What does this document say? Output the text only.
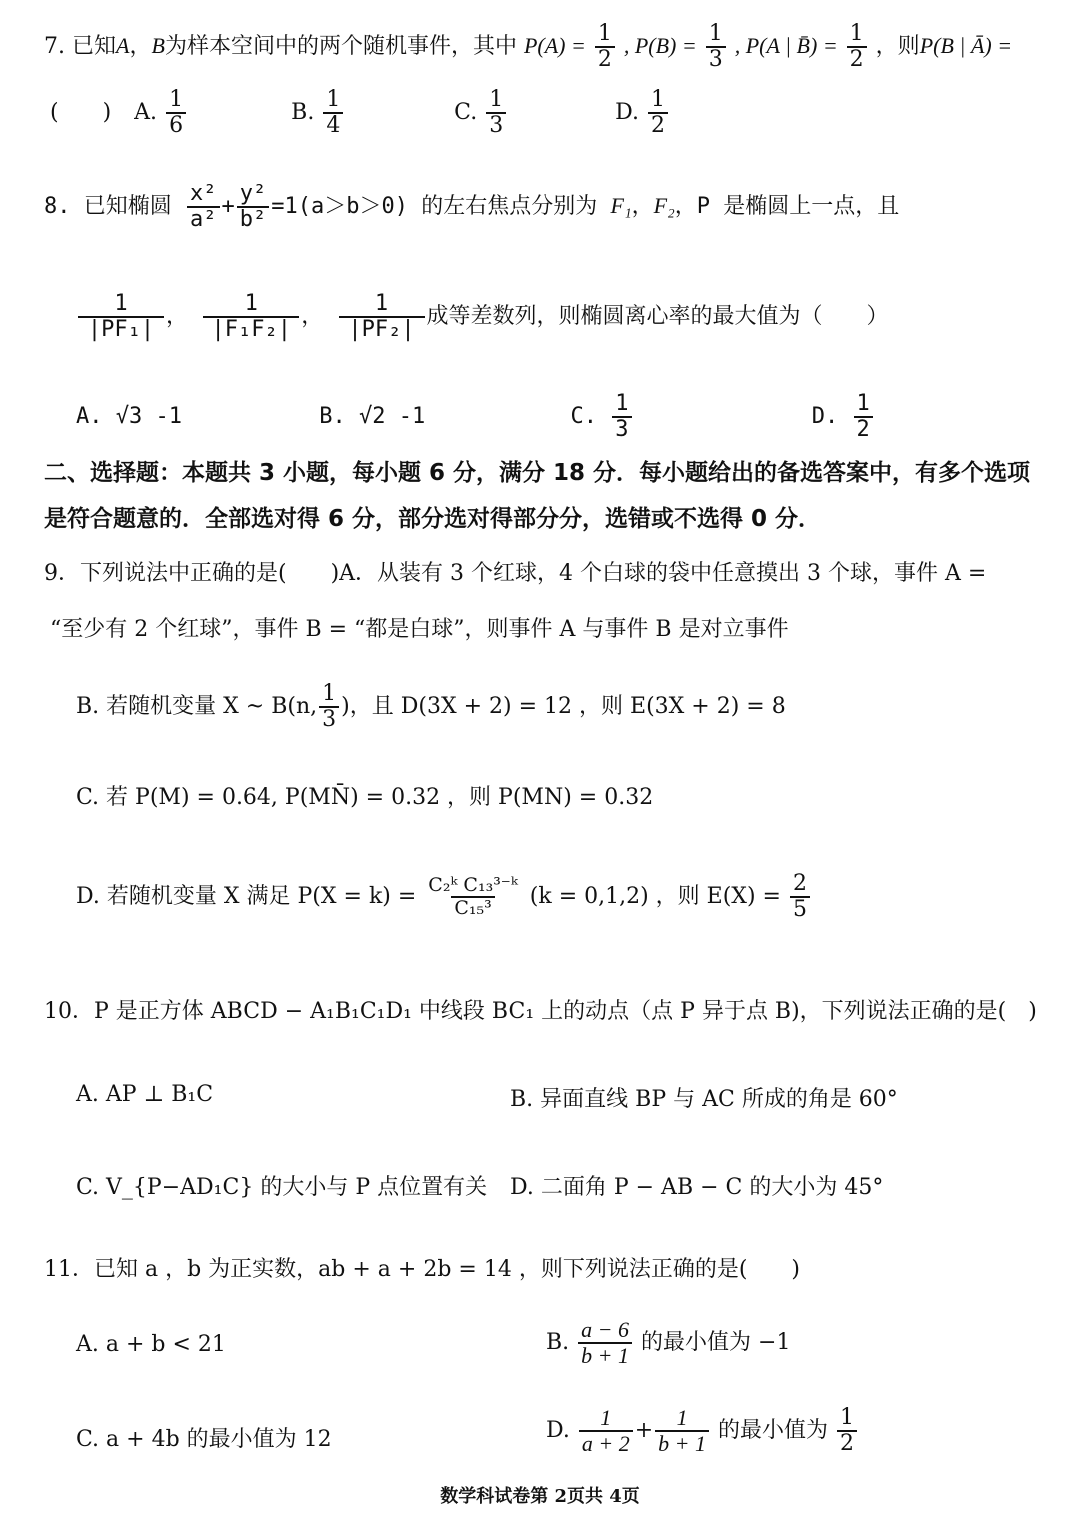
7. 已知A，B为样本空间中的两个随机事件，其中 $P(A) = \frac{1}{2}$ , $P(B) = \frac{1}{3}$ , P(A | B̄) = $\frac{1}{2}$ ，则P(B | Ā) =
(　　) A. $\frac{1}{6}$	B. $\frac{1}{4}$	C. $\frac{1}{3}$	D. $\frac{1}{2}$
8. 已知椭圆 $\frac{\text{x²}}{\text{a²}} + \frac{\text{y²}}{\text{b²}} =1(a>b>0)$ 的左右焦点分别为 F₁，F₂，P 是椭圆上一点，且
$\frac{1}{\text{|PF₁|}}$ ， $\frac{1}{\text{|F₁F₂|}}$ ， $\frac{1}{\text{|PF₂|}}$ 成等差数列，则椭圆离心率的最大值为（　　）
A. √3 -1	B. √2 -1	C. $\frac{1}{3}$	D. $\frac{1}{2}$
二、选择题：本题共 3 小题，每小题 6 分，满分 18 分．每小题给出的备选答案中，有多个选项
是符合题意的．全部选对得 6 分，部分选对得部分分，选错或不选得 0 分．
9．下列说法中正确的是(　　)A．从装有 3 个红球，4 个白球的袋中任意摸出 3 个球，事件 A =
“至少有 2 个红球”，事件 B = “都是白球”，则事件 A 与事件 B 是对立事件
B. 若随机变量 X ~ B(n, $\frac{1}{3}$ )，且 D(3X + 2) = 12 ，则 E(3X + 2) = 8
C. 若 P(M) = 0.64, P(MN̄) = 0.32 ，则 P(MN) = 0.32
D. 若随机变量 X 满足 $P(X = k) = \frac{\text{C₂ᵏ C₁₃³⁻ᵏ}}{\text{C₁₅³}} (k = 0,1,2)$ ，则 $E(X) = \frac{2}{5}$
10．P 是正方体 ABCD − A₁B₁C₁D₁ 中线段 BC₁ 上的动点（点 P 异于点 B)，下列说法正确的是(　)
A. AP ⊥ B₁C	B. 异面直线 BP 与 AC 所成的角是 60°
C. V_{P−AD₁C} 的大小与 P 点位置有关 D. 二面角 P − AB − C 的大小为 45°
11．已知 a ，b 为正实数，ab + a + 2b = 14 ，则下列说法正确的是(　　)
A. a + b < 21	B. $\frac{a - 6}{b + 1}$ 的最小值为 −1
C. a + 4b 的最小值为 12	D. $\frac{1}{a + 2} + \frac{1}{b + 1}$ 的最小值为 $\frac{1}{2}$
数学科试卷第 2页共 4页
